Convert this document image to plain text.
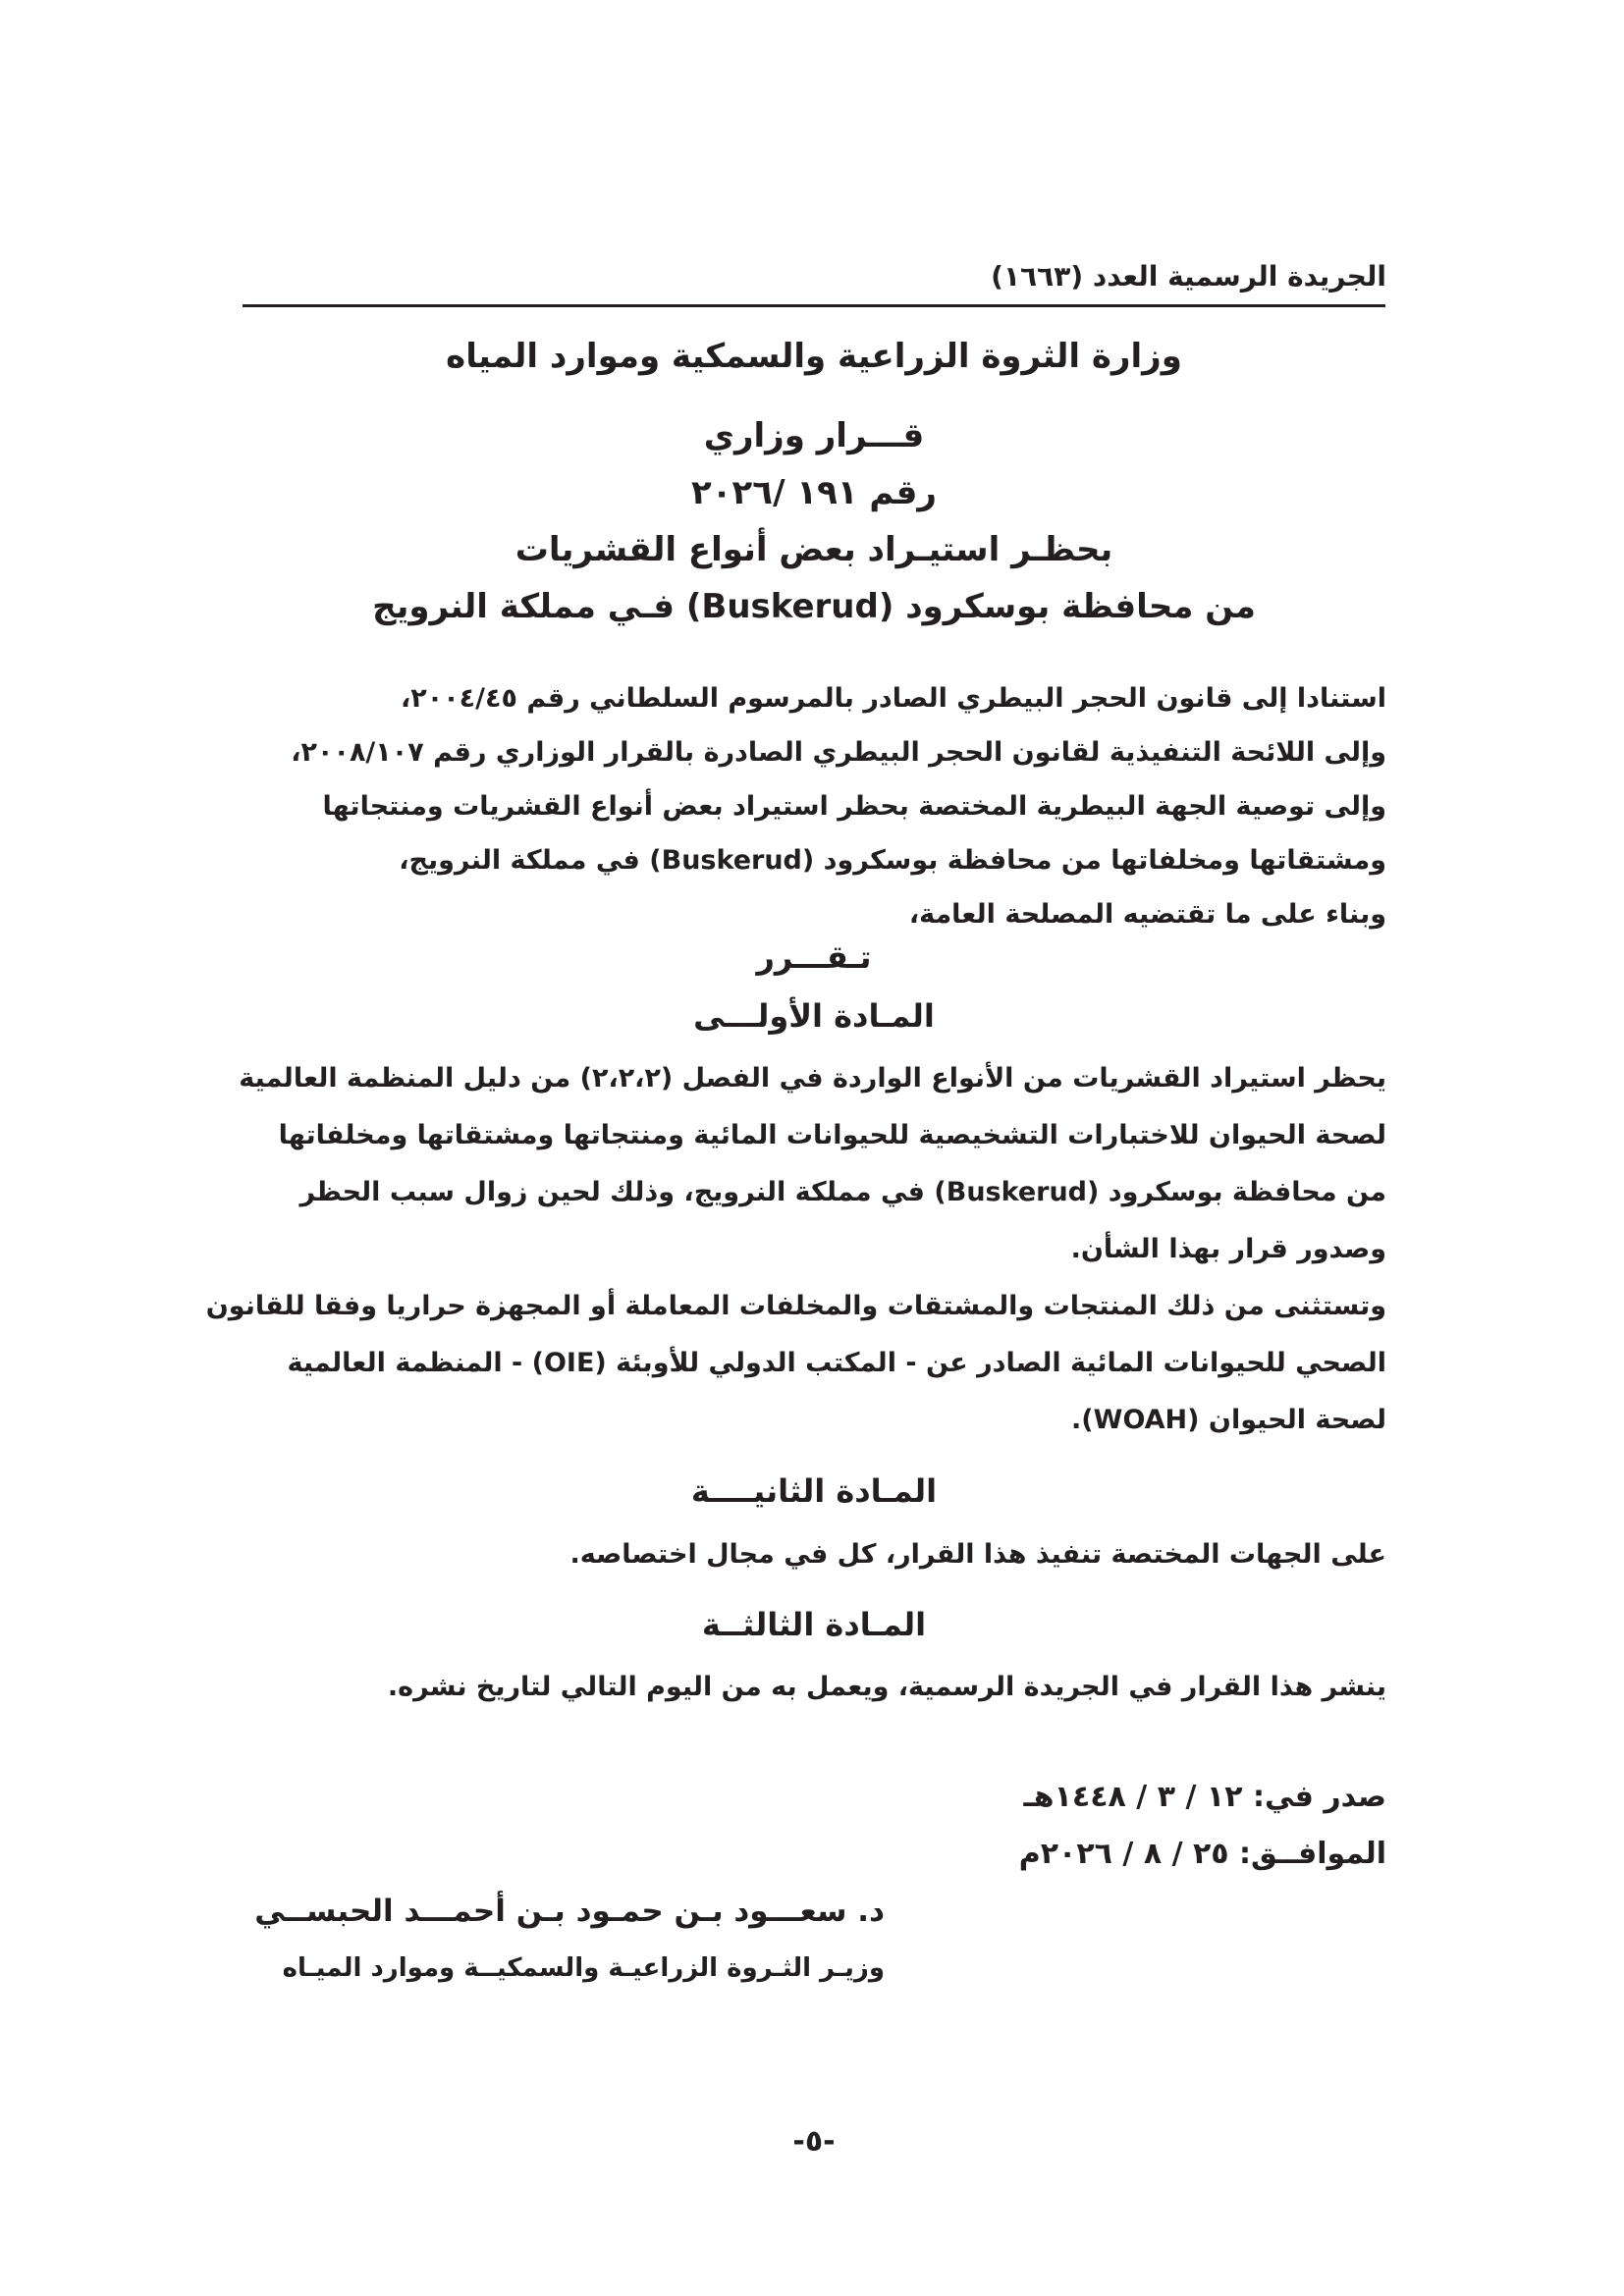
الجريدة الرسمية العدد (١٦٦٣)
وزارة الثروة الزراعية والسمكية وموارد المياه
قـــرار وزاري
رقم ١٩١ /٢٠٢٦
بحظـر استيـراد بعض أنواع القشريات
من محافظة بوسكرود (Buskerud) فـي مملكة النرويج
استنادا إلى قانون الحجر البيطري الصادر بالمرسوم السلطاني رقم ٢٠٠٤/٤٥،
وإلى اللائحة التنفيذية لقانون الحجر البيطري الصادرة بالقرار الوزاري رقم ٢٠٠٨/١٠٧،
وإلى توصية الجهة البيطرية المختصة بحظر استيراد بعض أنواع القشريات ومنتجاتها
ومشتقاتها ومخلفاتها من محافظة بوسكرود (Buskerud) في مملكة النرويج،
وبناء على ما تقتضيه المصلحة العامة،
تـقـــرر
المـادة الأولـــى
يحظر استيراد القشريات من الأنواع الواردة في الفصل (٢،٢،٢) من دليل المنظمة العالمية
لصحة الحيوان للاختبارات التشخيصية للحيوانات المائية ومنتجاتها ومشتقاتها ومخلفاتها
من محافظة بوسكرود (Buskerud) في مملكة النرويج، وذلك لحين زوال سبب الحظر
وصدور قرار بهذا الشأن.
وتستثنى من ذلك المنتجات والمشتقات والمخلفات المعاملة أو المجهزة حراريا وفقا للقانون
الصحي للحيوانات المائية الصادر عن - المكتب الدولي للأوبئة (OIE) - المنظمة العالمية
لصحة الحيوان (WOAH).
المـادة الثانيــــة
على الجهات المختصة تنفيذ هذا القرار، كل في مجال اختصاصه.
المـادة الثالثــة
ينشر هذا القرار في الجريدة الرسمية، ويعمل به من اليوم التالي لتاريخ نشره.
صدر في: ١٢ / ٣ / ١٤٤٨هـ
الموافــق: ٢٥ / ٨ / ٢٠٢٦م
د. سعـــود بـن حمـود بـن أحمـــد الحبســي
وزيـر الثـروة الزراعيـة والسمكيــة وموارد الميـاه
-٥-
